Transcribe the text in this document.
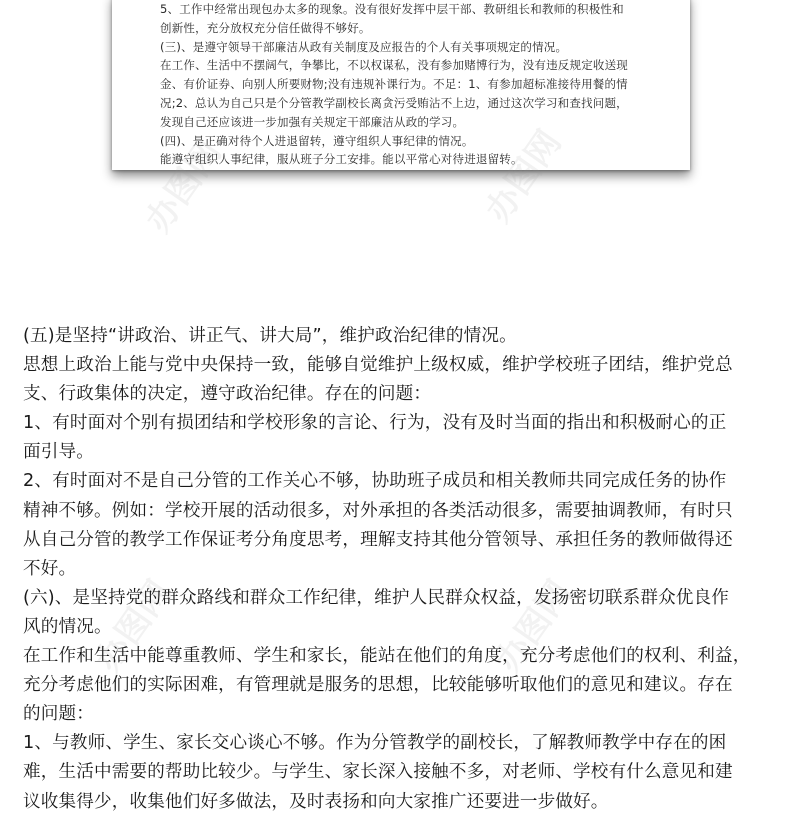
5、工作中经常出现包办太多的现象。没有很好发挥中层干部、教研组长和教师的积极性和
创新性，充分放权充分信任做得不够好。
(三)、是遵守领导干部廉洁从政有关制度及应报告的个人有关事项规定的情况。
在工作、生活中不摆阔气，争攀比，不以权谋私，没有参加赌博行为，没有违反规定收送现
金、有价证券、向别人所要财物;没有违规补课行为。不足：1、有参加超标准接待用餐的情
况;2、总认为自己只是个分管教学副校长离贪污受贿沾不上边，通过这次学习和查找问题，
发现自己还应该进一步加强有关规定干部廉洁从政的学习。
(四)、是正确对待个人进退留转，遵守组织人事纪律的情况。
能遵守组织人事纪律，服从班子分工安排。能以平常心对待进退留转。
办图网	办图网
办图网	办图网
(五)是坚持“讲政治、讲正气、讲大局”，维护政治纪律的情况。
思想上政治上能与党中央保持一致，能够自觉维护上级权威，维护学校班子团结，维护党总
支、行政集体的决定，遵守政治纪律。存在的问题：
1、有时面对个别有损团结和学校形象的言论、行为，没有及时当面的指出和积极耐心的正
面引导。
2、有时面对不是自己分管的工作关心不够，协助班子成员和相关教师共同完成任务的协作
精神不够。例如：学校开展的活动很多，对外承担的各类活动很多，需要抽调教师，有时只
从自己分管的教学工作保证考分角度思考，理解支持其他分管领导、承担任务的教师做得还
不好。
(六)、是坚持党的群众路线和群众工作纪律，维护人民群众权益，发扬密切联系群众优良作
风的情况。
在工作和生活中能尊重教师、学生和家长，能站在他们的角度，充分考虑他们的权利、利益，
充分考虑他们的实际困难，有管理就是服务的思想，比较能够听取他们的意见和建议。存在
的问题：
1、与教师、学生、家长交心谈心不够。作为分管教学的副校长，了解教师教学中存在的困
难，生活中需要的帮助比较少。与学生、家长深入接触不多，对老师、学校有什么意见和建
议收集得少，收集他们好多做法，及时表扬和向大家推广还要进一步做好。
